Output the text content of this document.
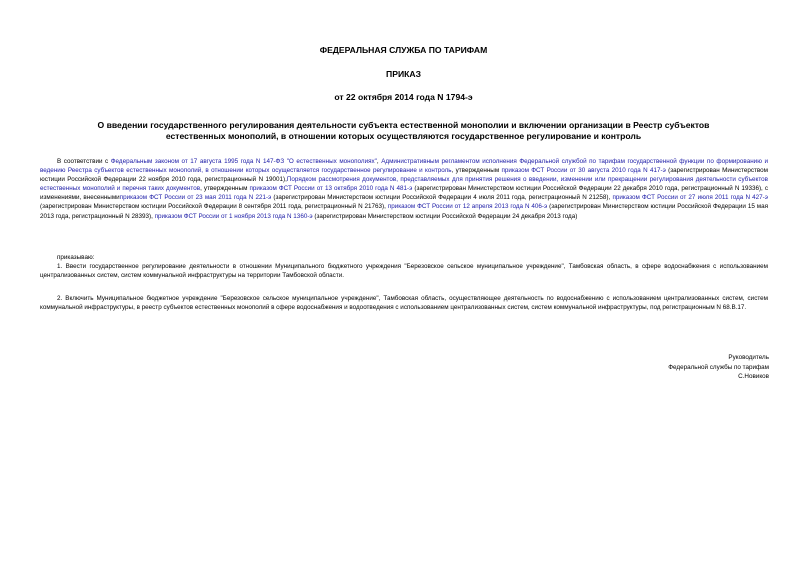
ФЕДЕРАЛЬНАЯ СЛУЖБА ПО ТАРИФАМ
ПРИКАЗ
от 22 октября 2014 года N 1794-э
О введении государственного регулирования деятельности субъекта естественной монополии и включении организации в Реестр субъектов естественных монополий, в отношении которых осуществляются государственное регулирование и контроль
В соответствии с Федеральным законом от 17 августа 1995 года N 147-ФЗ "О естественных монополиях", Административным регламентом исполнения Федеральной службой по тарифам государственной функции по формированию и ведению Реестра субъектов естественных монополий, в отношении которых осуществляется государственное регулирование и контроль, утвержденным приказом ФСТ России от 30 августа 2010 года N 417-э (зарегистрирован Министерством юстиции Российской Федерации 22 ноября 2010 года, регистрационный N 19001),Порядком рассмотрения документов, представляемых для принятия решения о введении, изменении или прекращении регулирования деятельности субъектов естественных монополий и перечня таких документов, утвержденным приказом ФСТ России от 13 октября 2010 года N 481-э (зарегистрирован Министерством юстиции Российской Федерации 22 декабря 2010 года, регистрационный N 19336), с изменениями, внесеннымиприказом ФСТ России от 23 мая 2011 года N 221-э (зарегистрирован Министерством юстиции Российской Федерации 4 июля 2011 года, регистрационный N 21258), приказом ФСТ России от 27 июля 2011 года N 427-э (зарегистрирован Министерством юстиции Российской Федерации 8 сентября 2011 года, регистрационный N 21763), приказом ФСТ России от 12 апреля 2013 года N 406-э (зарегистрирован Министерством юстиции Российской Федерации 15 мая 2013 года, регистрационный N 28393), приказом ФСТ России от 1 ноября 2013 года N 1360-э (зарегистрирован Министерством юстиции Российской Федерации 24 декабря 2013 года)
приказываю:
1. Ввести государственное регулирование деятельности в отношении Муниципального бюджетного учреждения "Березовское сельское муниципальное учреждение", Тамбовская область, в сфере водоснабжения с использованием централизованных систем, систем коммунальной инфраструктуры на территории Тамбовской области.
2. Включить Муниципальное бюджетное учреждение "Березовское сельское муниципальное учреждение", Тамбовская область, осуществляющее деятельность по водоснабжению с использованием централизованных систем, систем коммунальной инфраструктуры, в реестр субъектов естественных монополий в сфере водоснабжения и водоотведения с использованием централизованных систем, систем коммунальной инфраструктуры, под регистрационным N 68.В.17.
Руководитель
Федеральной службы по тарифам
С.Новиков
